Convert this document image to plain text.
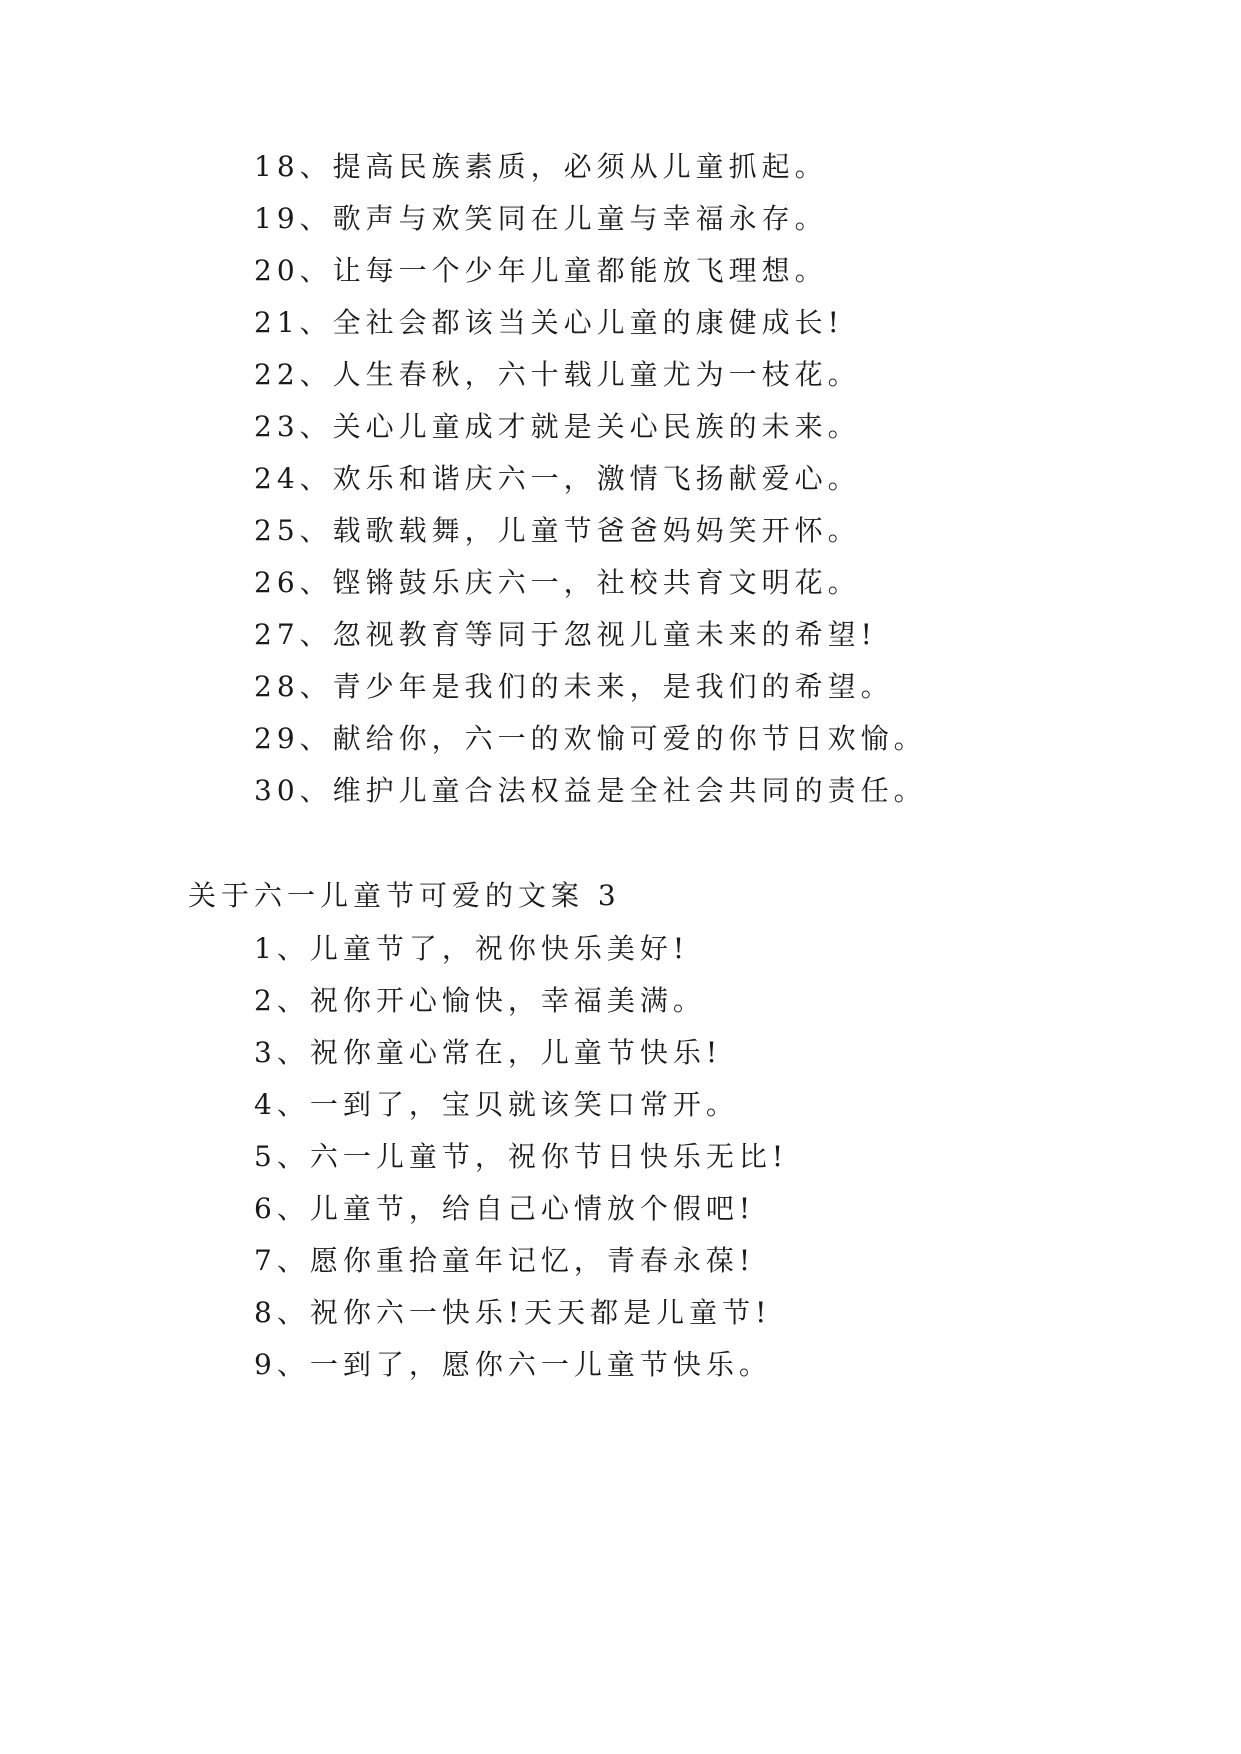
18、提高民族素质，必须从儿童抓起。
19、歌声与欢笑同在儿童与幸福永存。
20、让每一个少年儿童都能放飞理想。
21、全社会都该当关心儿童的康健成长!
22、人生春秋，六十载儿童尤为一枝花。
23、关心儿童成才就是关心民族的未来。
24、欢乐和谐庆六一，激情飞扬献爱心。
25、载歌载舞，儿童节爸爸妈妈笑开怀。
26、铿锵鼓乐庆六一，社校共育文明花。
27、忽视教育等同于忽视儿童未来的希望!
28、青少年是我们的未来，是我们的希望。
29、献给你，六一的欢愉可爱的你节日欢愉。
30、维护儿童合法权益是全社会共同的责任。
关于六一儿童节可爱的文案 3
1、儿童节了，祝你快乐美好!
2、祝你开心愉快，幸福美满。
3、祝你童心常在，儿童节快乐!
4、一到了，宝贝就该笑口常开。
5、六一儿童节，祝你节日快乐无比!
6、儿童节，给自己心情放个假吧!
7、愿你重拾童年记忆，青春永葆!
8、祝你六一快乐!天天都是儿童节!
9、一到了，愿你六一儿童节快乐。
